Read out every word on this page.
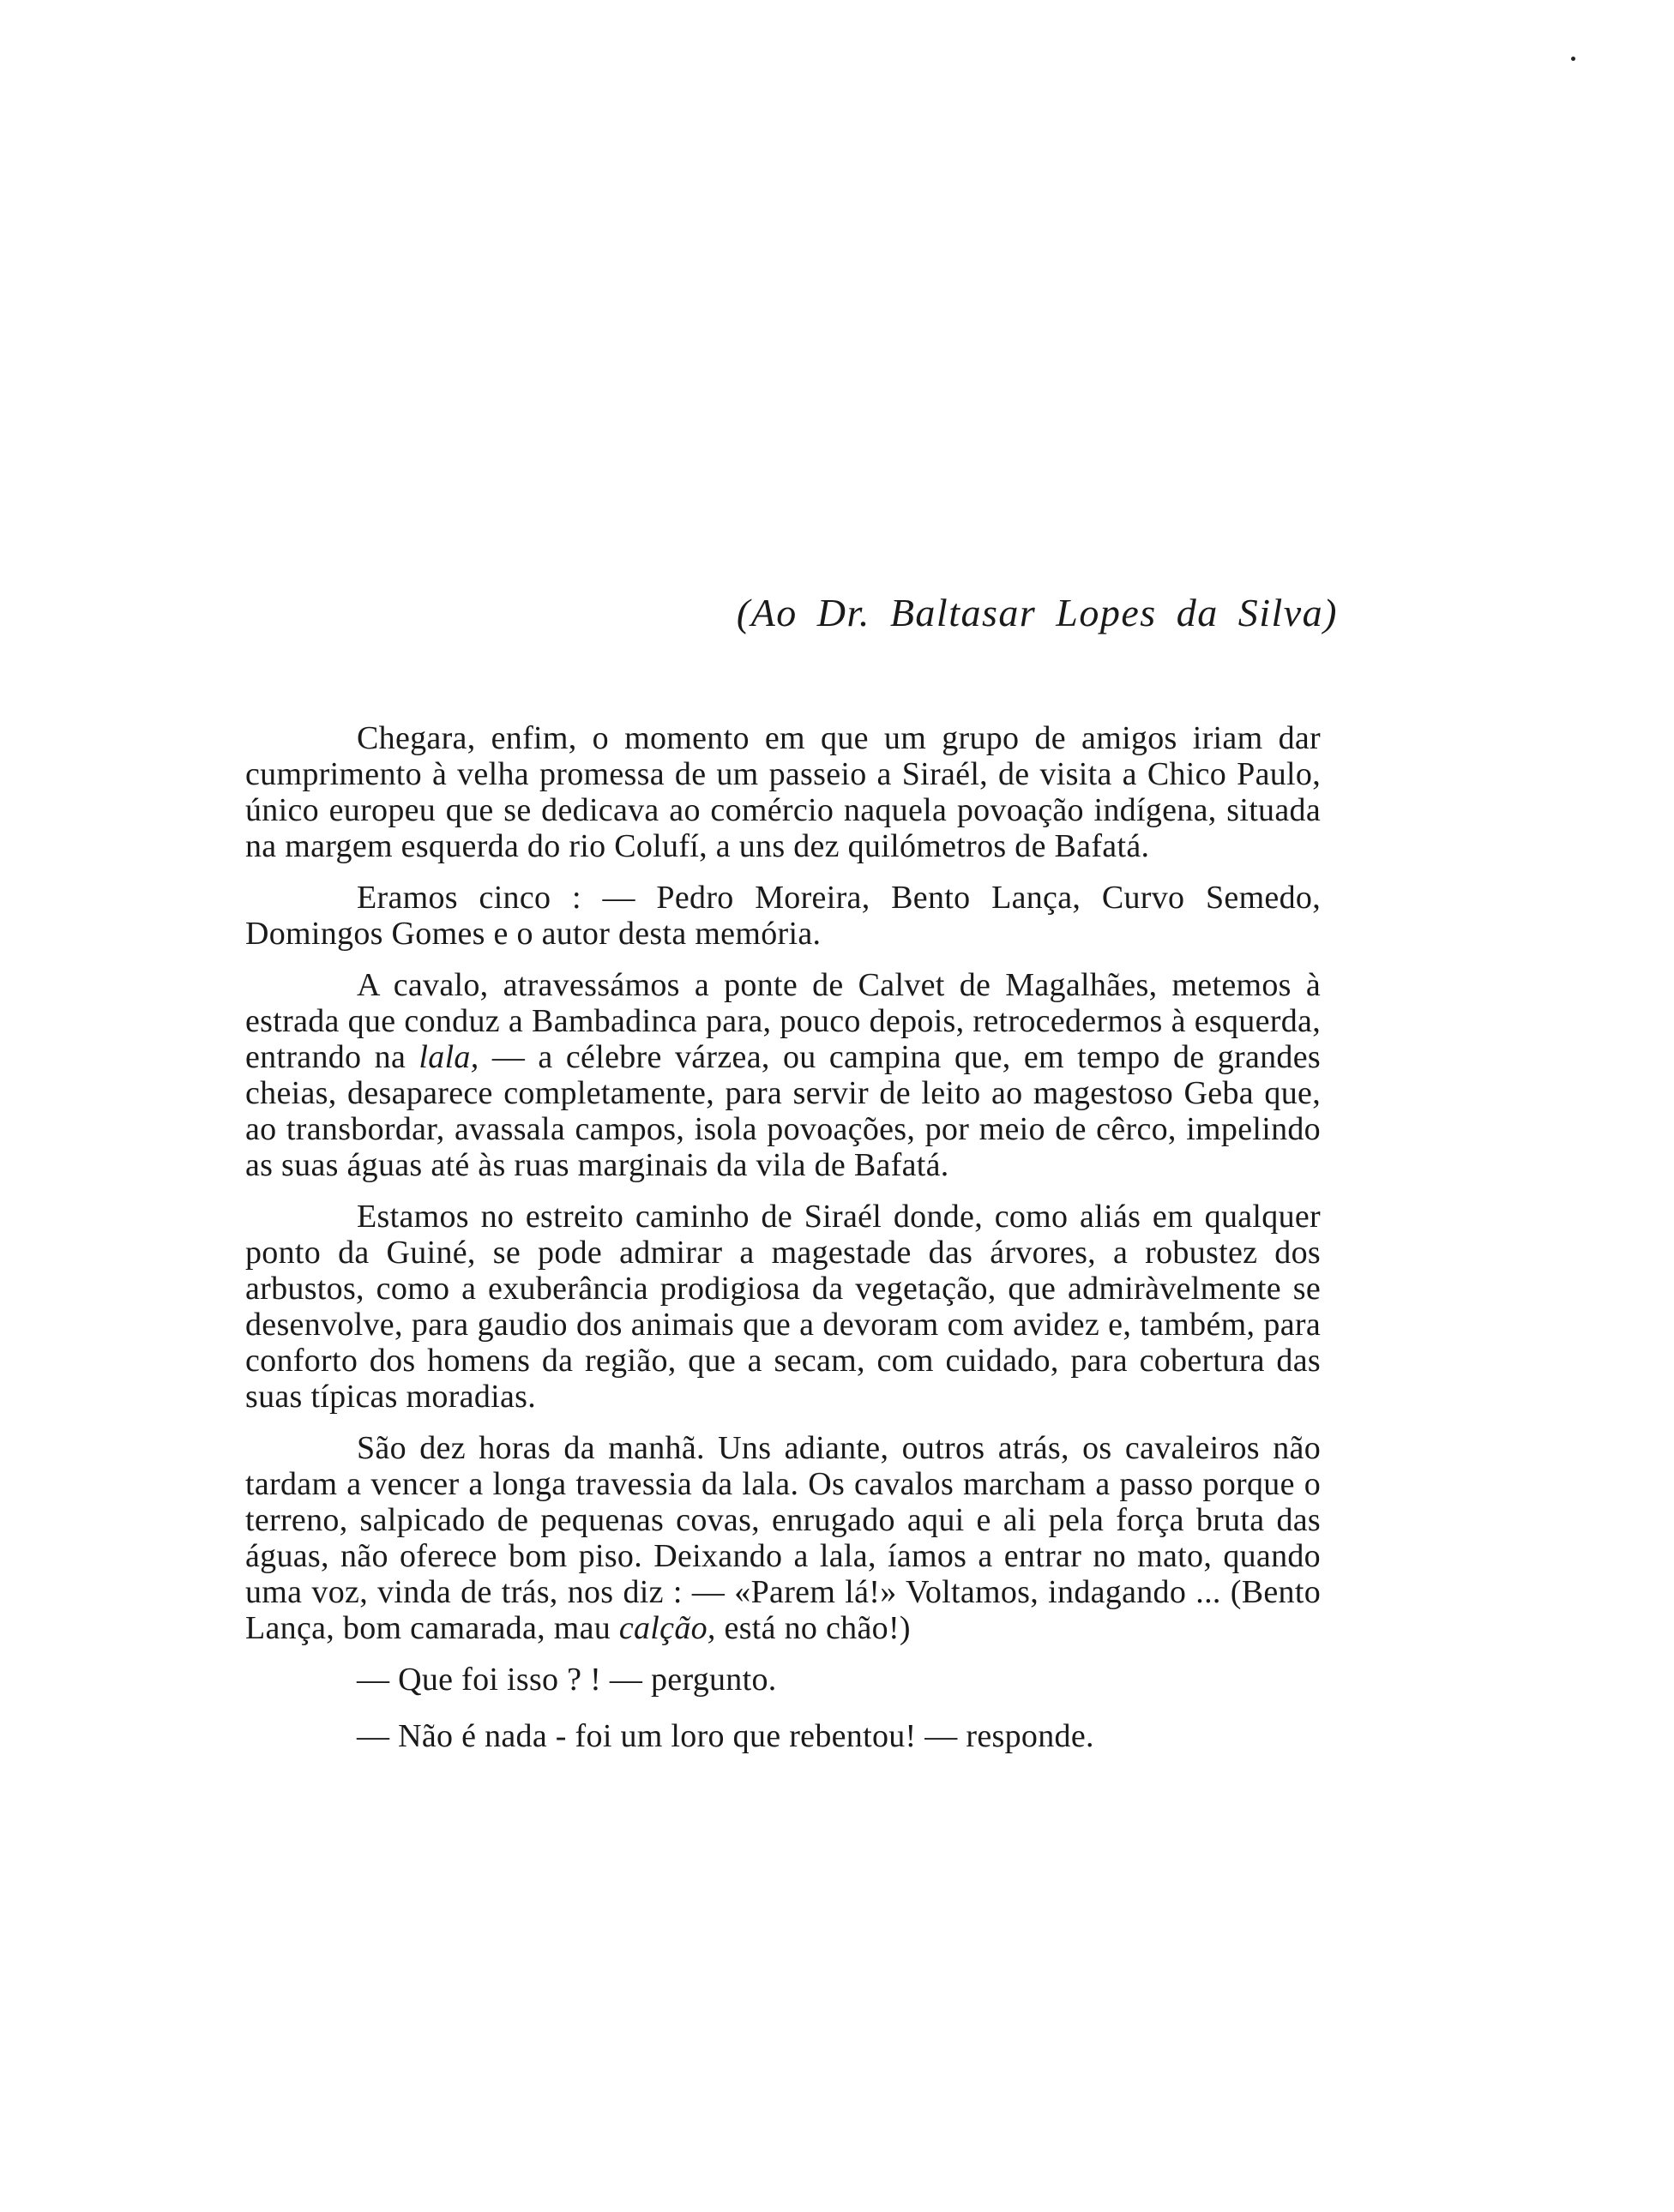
(Ao Dr. Baltasar Lopes da Silva)

Chegara, enfim, o momento em que um grupo de amigos iriam dar cumprimento à velha promessa de um passeio a Siraél, de visita a Chico Paulo, único europeu que se dedicava ao comércio naquela povoação indígena, situada na margem esquerda do rio Colufí, a uns dez quilómetros de Bafatá.

Eramos cinco : — Pedro Moreira, Bento Lança, Curvo Semedo, Domingos Gomes e o autor desta memória.

A cavalo, atravessámos a ponte de Calvet de Magalhães, metemos à estrada que conduz a Bambadinca para, pouco depois, retrocedermos à esquerda, entrando na lala, — a célebre várzea, ou campina que, em tempo de grandes cheias, desaparece completamente, para servir de leito ao magestoso Geba que, ao transbordar, avassala campos, isola povoações, por meio de cêrco, impelindo as suas águas até às ruas marginais da vila de Bafatá.

Estamos no estreito caminho de Siraél donde, como aliás em qualquer ponto da Guiné, se pode admirar a magestade das árvores, a robustez dos arbustos, como a exuberância prodigiosa da vegetação, que admiràvelmente se desenvolve, para gaudio dos animais que a devoram com avidez e, também, para conforto dos homens da região, que a secam, com cuidado, para cobertura das suas típicas moradias.

São dez horas da manhã. Uns adiante, outros atrás, os cavaleiros não tardam a vencer a longa travessia da lala. Os cavalos marcham a passo porque o terreno, salpicado de pequenas covas, enrugado aqui e ali pela força bruta das águas, não oferece bom piso. Deixando a lala, íamos a entrar no mato, quando uma voz, vinda de trás, nos diz : — «Parem lá!» Voltamos, indagando ... (Bento Lança, bom camarada, mau calção, está no chão!)

— Que foi isso ? ! — pergunto.

— Não é nada - foi um loro que rebentou! — responde.
